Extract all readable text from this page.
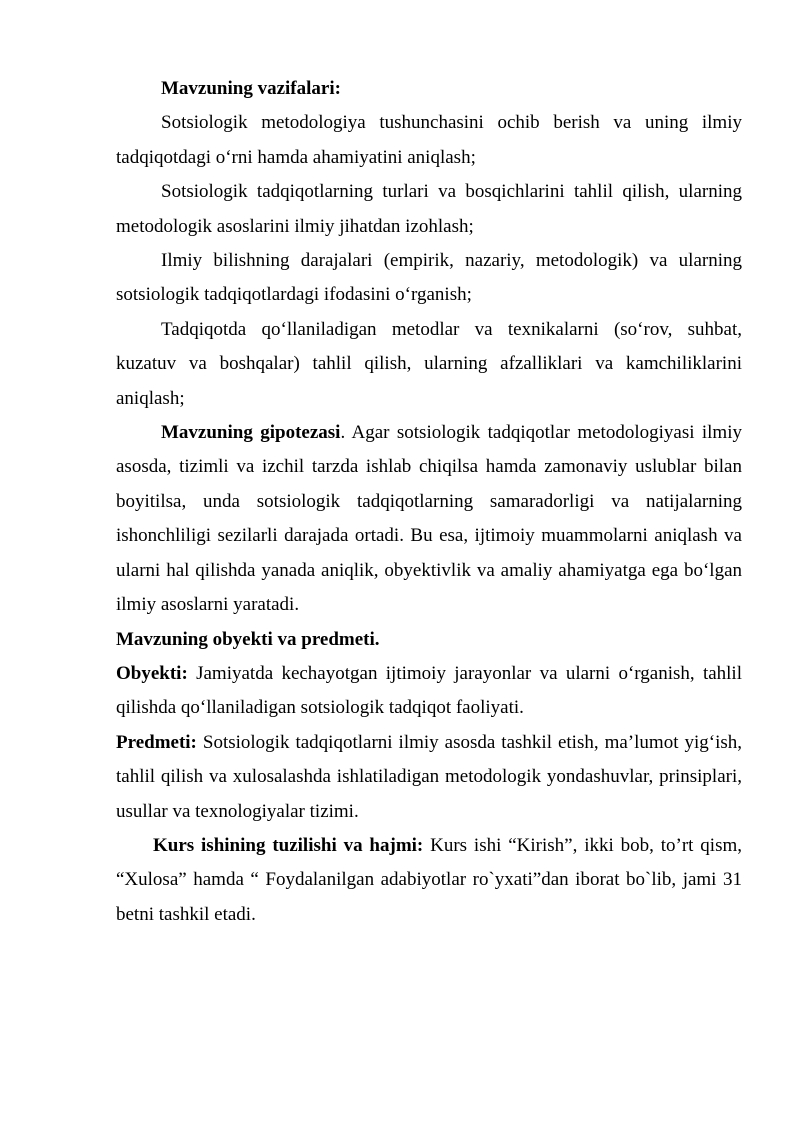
Mavzuning vazifalari:

Sotsiologik metodologiya tushunchasini ochib berish va uning ilmiy tadqiqotdagi o‘rni hamda ahamiyatini aniqlash;

Sotsiologik tadqiqotlarning turlari va bosqichlarini tahlil qilish, ularning metodologik asoslarini ilmiy jihatdan izohlash;

Ilmiy bilishning darajalari (empirik, nazariy, metodologik) va ularning sotsiologik tadqiqotlardagi ifodasini o‘rganish;

Tadqiqotda qo‘llaniladigan metodlar va texnikalarni (so‘rov, suhbat, kuzatuv va boshqalar) tahlil qilish, ularning afzalliklari va kamchiliklarini aniqlash;

Mavzuning gipotezasi. Agar sotsiologik tadqiqotlar metodologiyasi ilmiy asosda, tizimli va izchil tarzda ishlab chiqilsa hamda zamonaviy uslublar bilan boyitilsa, unda sotsiologik tadqiqotlarning samaradorligi va natijalarning ishonchliligi sezilarli darajada ortadi. Bu esa, ijtimoiy muammolarni aniqlash va ularni hal qilishda yanada aniqlik, obyektivlik va amaliy ahamiyatga ega bo‘lgan ilmiy asoslarni yaratadi.

Mavzuning obyekti va predmeti.

Obyekti: Jamiyatda kechayotgan ijtimoiy jarayonlar va ularni o‘rganish, tahlil qilishda qo‘llaniladigan sotsiologik tadqiqot faoliyati.

Predmeti: Sotsiologik tadqiqotlarni ilmiy asosda tashkil etish, ma’lumot yig‘ish, tahlil qilish va xulosalashda ishlatiladigan metodologik yondashuvlar, prinsiplari, usullar va texnologiyalar tizimi.

Kurs ishining tuzilishi va hajmi: Kurs ishi “Kirish”, ikki bob, to’rt qism, “Xulosa” hamda “ Foydalanilgan adabiyotlar ro`yxati”dan iborat bo`lib, jami 31 betni tashkil etadi.
